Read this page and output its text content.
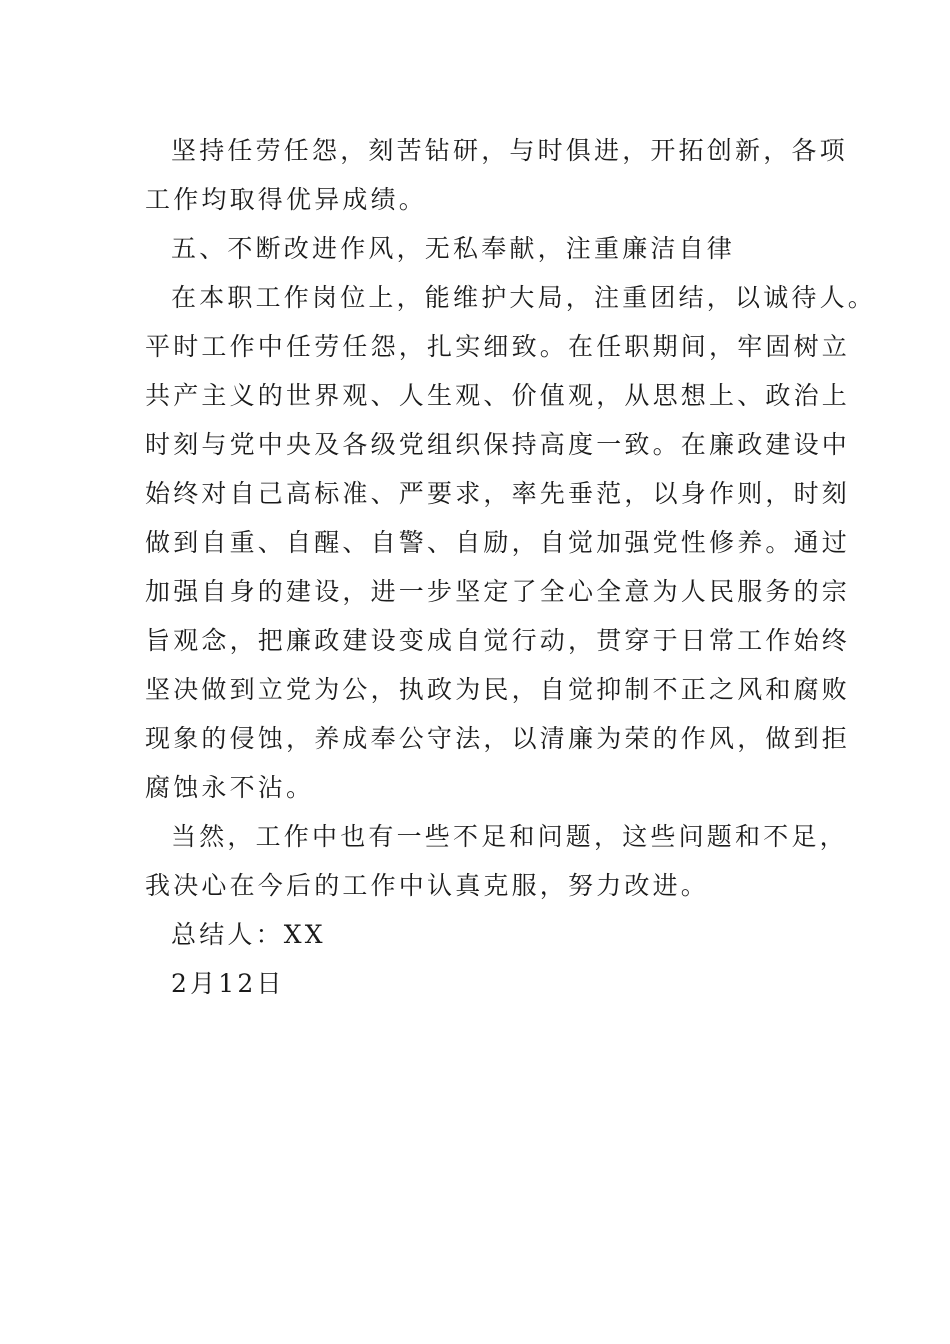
坚持任劳任怨，刻苦钻研，与时俱进，开拓创新，各项
工作均取得优异成绩。
五、不断改进作风，无私奉献，注重廉洁自律
在本职工作岗位上，能维护大局，注重团结，以诚待人。
平时工作中任劳任怨，扎实细致。在任职期间，牢固树立
共产主义的世界观、人生观、价值观，从思想上、政治上
时刻与党中央及各级党组织保持高度一致。在廉政建设中
始终对自己高标准、严要求，率先垂范，以身作则，时刻
做到自重、自醒、自警、自励，自觉加强党性修养。通过
加强自身的建设，进一步坚定了全心全意为人民服务的宗
旨观念，把廉政建设变成自觉行动，贯穿于日常工作始终
坚决做到立党为公，执政为民，自觉抑制不正之风和腐败
现象的侵蚀，养成奉公守法，以清廉为荣的作风，做到拒
腐蚀永不沾。
当然，工作中也有一些不足和问题，这些问题和不足，
我决心在今后的工作中认真克服，努力改进。
总结人：XX
2月12日
